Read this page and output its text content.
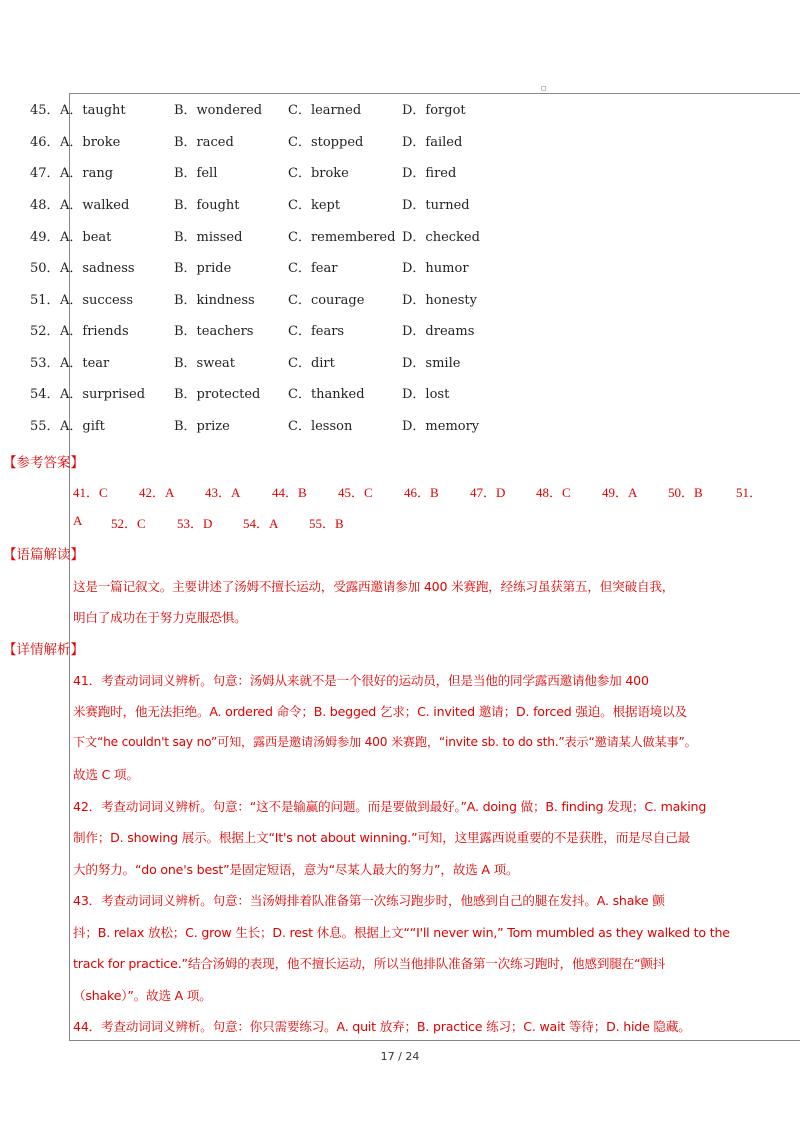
◻
45． A．taught	B．wondered C．learned	D．forgot
46． A．broke	B．raced	C．stopped	D．failed
47． A．rang	B．fell	C．broke	D．fired
48． A．walked	B．fought	C．kept	D．turned
49． A．beat	B．missed	C．remembered D．checked
50． A．sadness	B．pride	C．fear	D．humor
51． A．success	B．kindness	C．courage	D．honesty
52． A．friends	B．teachers	C．fears	D．dreams
53． A．tear	B．sweat	C．dirt	D．smile
54． A．surprised B．protected C．thanked	D．lost
55． A．gift	B．prize	C．lesson	D．memory
【参考答案】
41．C 42．A 43．A 44．B 45．C 46．B 47．D 48．C 49．A 50．B	51．
A 52．C 53．D 54．A 55．B
【语篇解读】
这是一篇记叙文。主要讲述了汤姆不擅长运动，受露西邀请参加 400 米赛跑，经练习虽获第五，但突破自我，
明白了成功在于努力克服恐惧。
【详情解析】
41．考查动词词义辨析。句意：汤姆从来就不是一个很好的运动员，但是当他的同学露西邀请他参加 400
米赛跑时，他无法拒绝。A. ordered 命令；B. begged 乞求；C. invited 邀请；D. forced 强迫。根据语境以及
下文“he couldn't say no”可知，露西是邀请汤姆参加 400 米赛跑，“invite sb. to do sth.”表示“邀请某人做某事”。
故选 C 项。
42．考查动词词义辨析。句意：“这不是输赢的问题。而是要做到最好。”A. doing 做；B. finding 发现；C. making
制作；D. showing 展示。根据上文“It's not about winning.”可知，这里露西说重要的不是获胜，而是尽自己最
大的努力。“do one's best”是固定短语，意为“尽某人最大的努力”，故选 A 项。
43．考查动词词义辨析。句意：当汤姆排着队准备第一次练习跑步时，他感到自己的腿在发抖。A. shake 颤
抖；B. relax 放松；C. grow 生长；D. rest 休息。根据上文““I'll never win,” Tom mumbled as they walked to the
track for practice.”结合汤姆的表现，他不擅长运动，所以当他排队准备第一次练习跑时，他感到腿在“颤抖
（shake）”。故选 A 项。
44．考查动词词义辨析。句意：你只需要练习。A. quit 放弃；B. practice 练习；C. wait 等待；D. hide 隐藏。
17 / 24
